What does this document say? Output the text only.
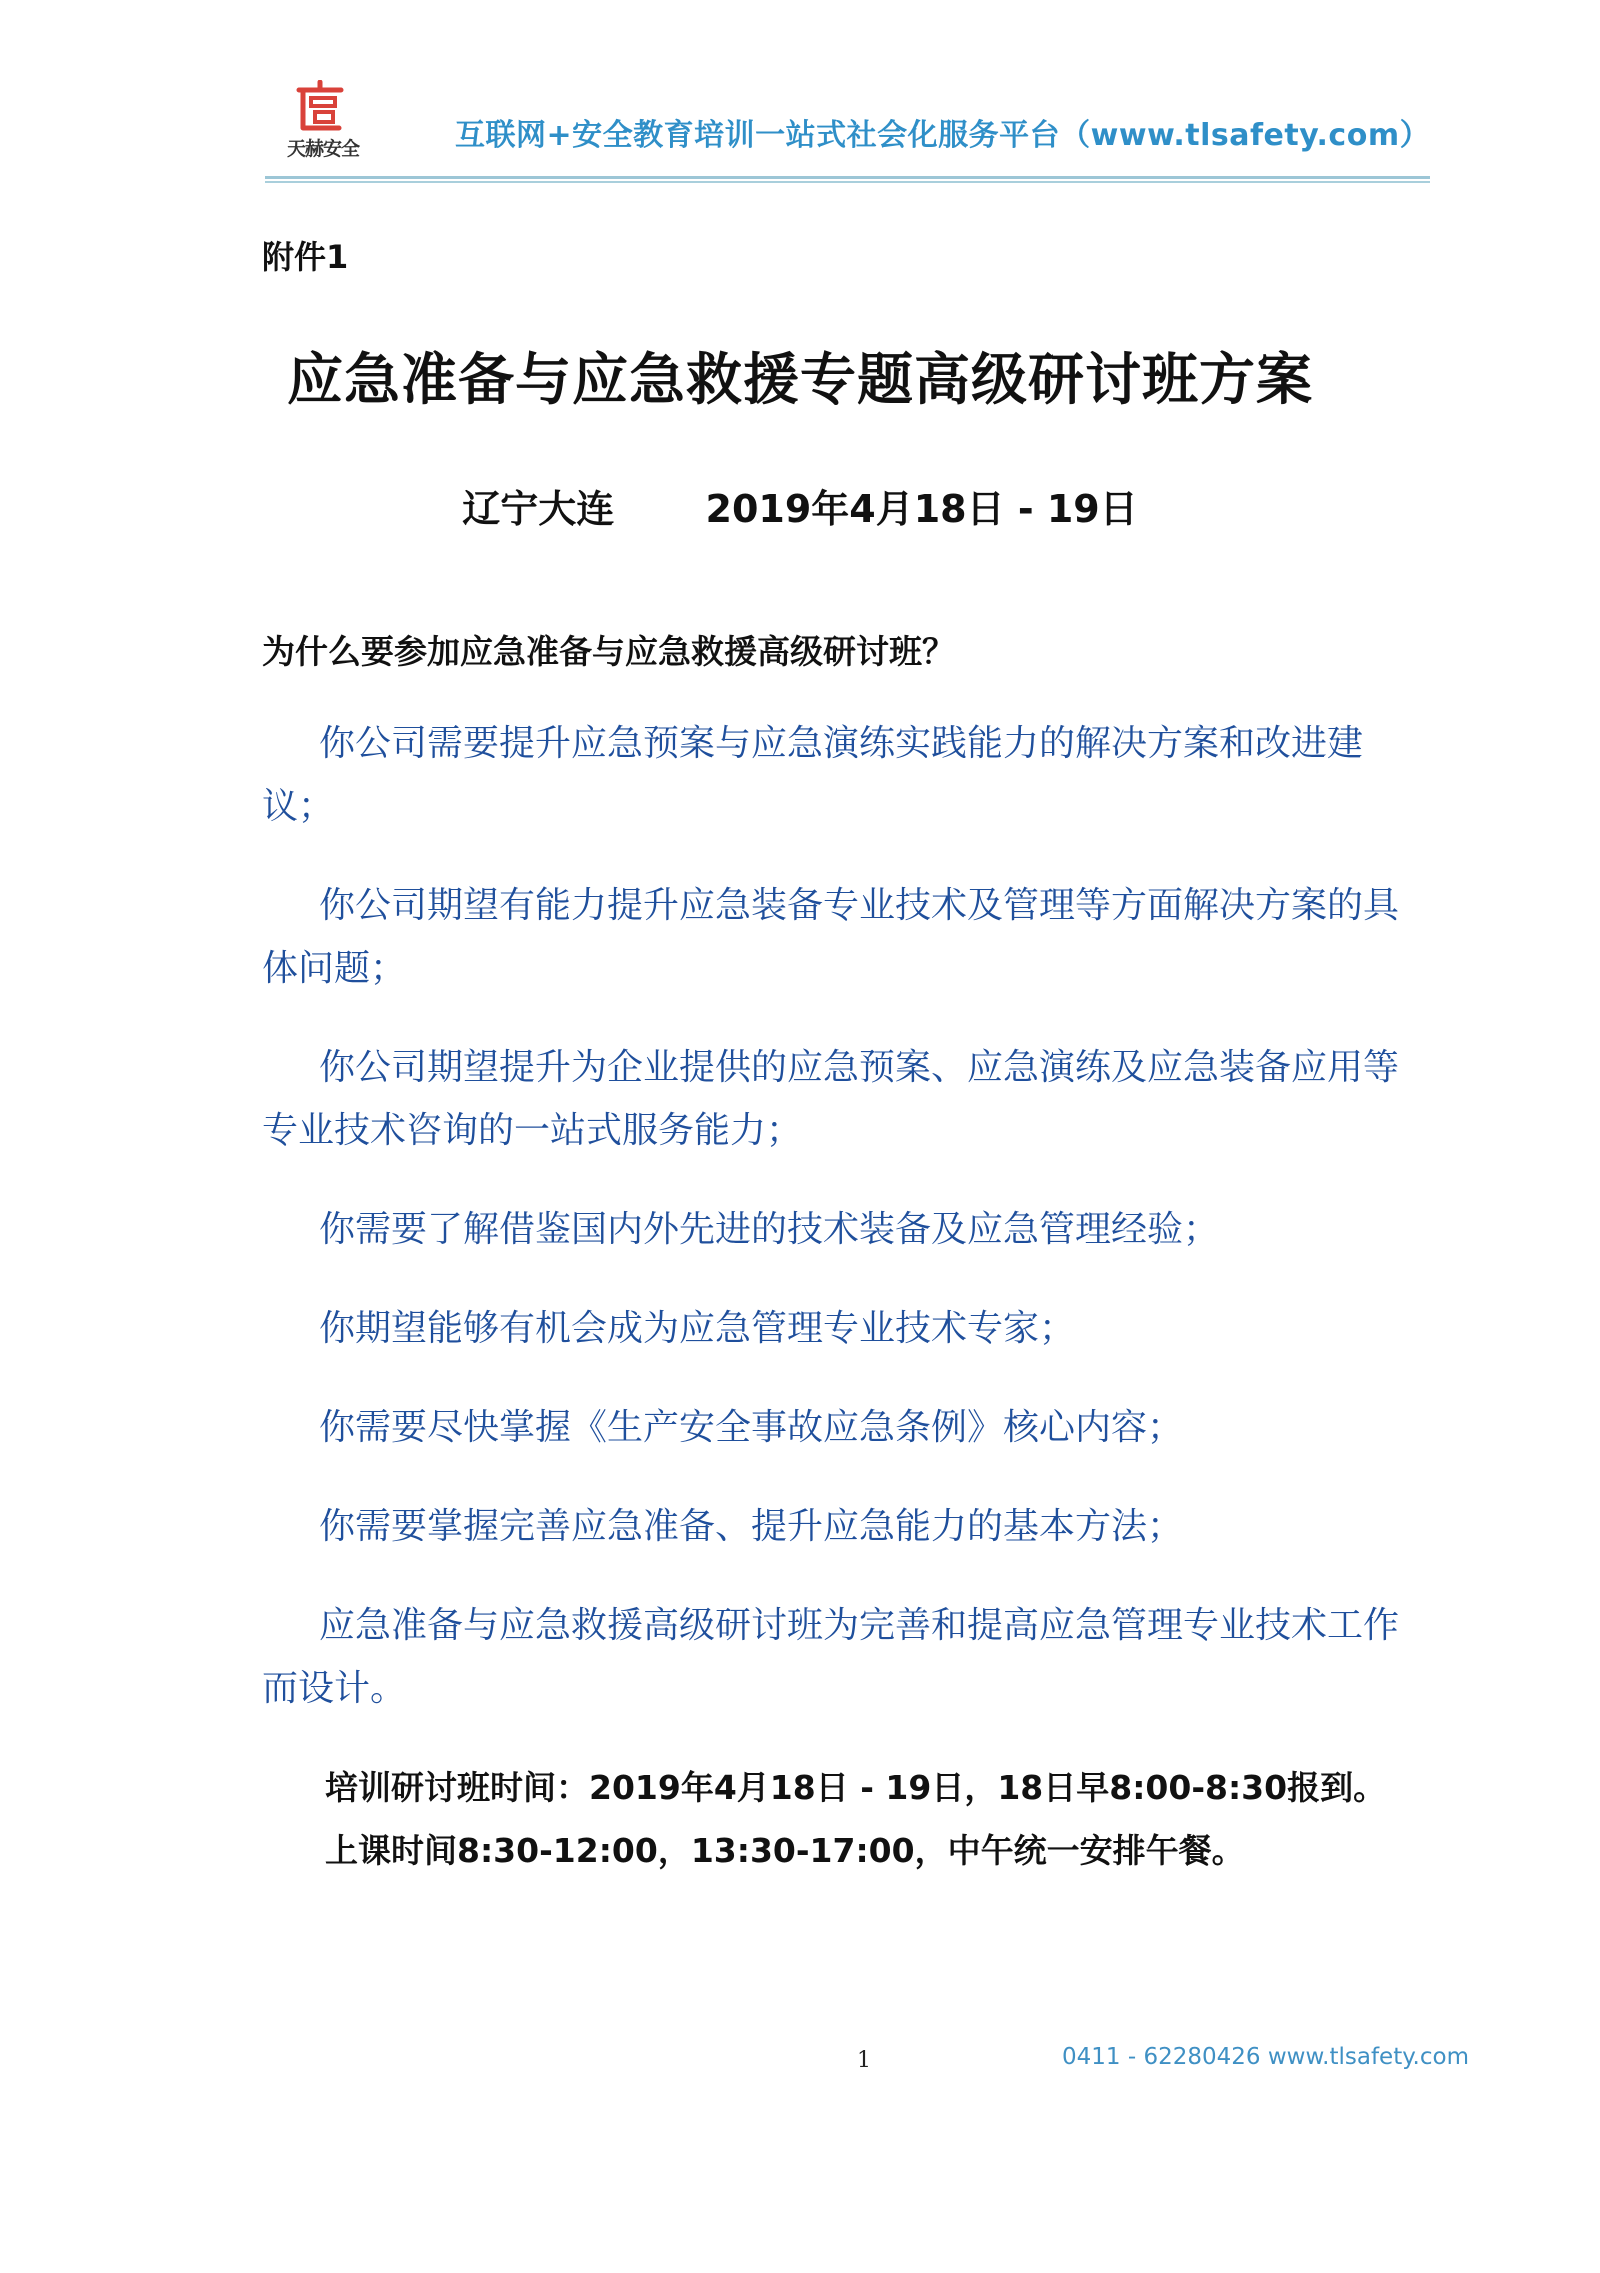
天赫安全	互联网+安全教育培训一站式社会化服务平台（www.tlsafety.com）
附件1
应急准备与应急救援专题高级研讨班方案
辽宁大连 2019年4月18日 - 19日
为什么要参加应急准备与应急救援高级研讨班？

你公司需要提升应急预案与应急演练实践能力的解决方案和改进建议；

你公司期望有能力提升应急装备专业技术及管理等方面解决方案的具体问题；

你公司期望提升为企业提供的应急预案、应急演练及应急装备应用等专业技术咨询的一站式服务能力；

你需要了解借鉴国内外先进的技术装备及应急管理经验；

你期望能够有机会成为应急管理专业技术专家；

你需要尽快掌握《生产安全事故应急条例》核心内容；

你需要掌握完善应急准备、提升应急能力的基本方法；

应急准备与应急救援高级研讨班为完善和提高应急管理专业技术工作而设计。

培训研讨班时间：2019年4月18日 - 19日，18日早8:00-8:30报到。
上课时间8:30-12:00，13:30-17:00，中午统一安排午餐。
1	0411 - 62280426 www.tlsafety.com
